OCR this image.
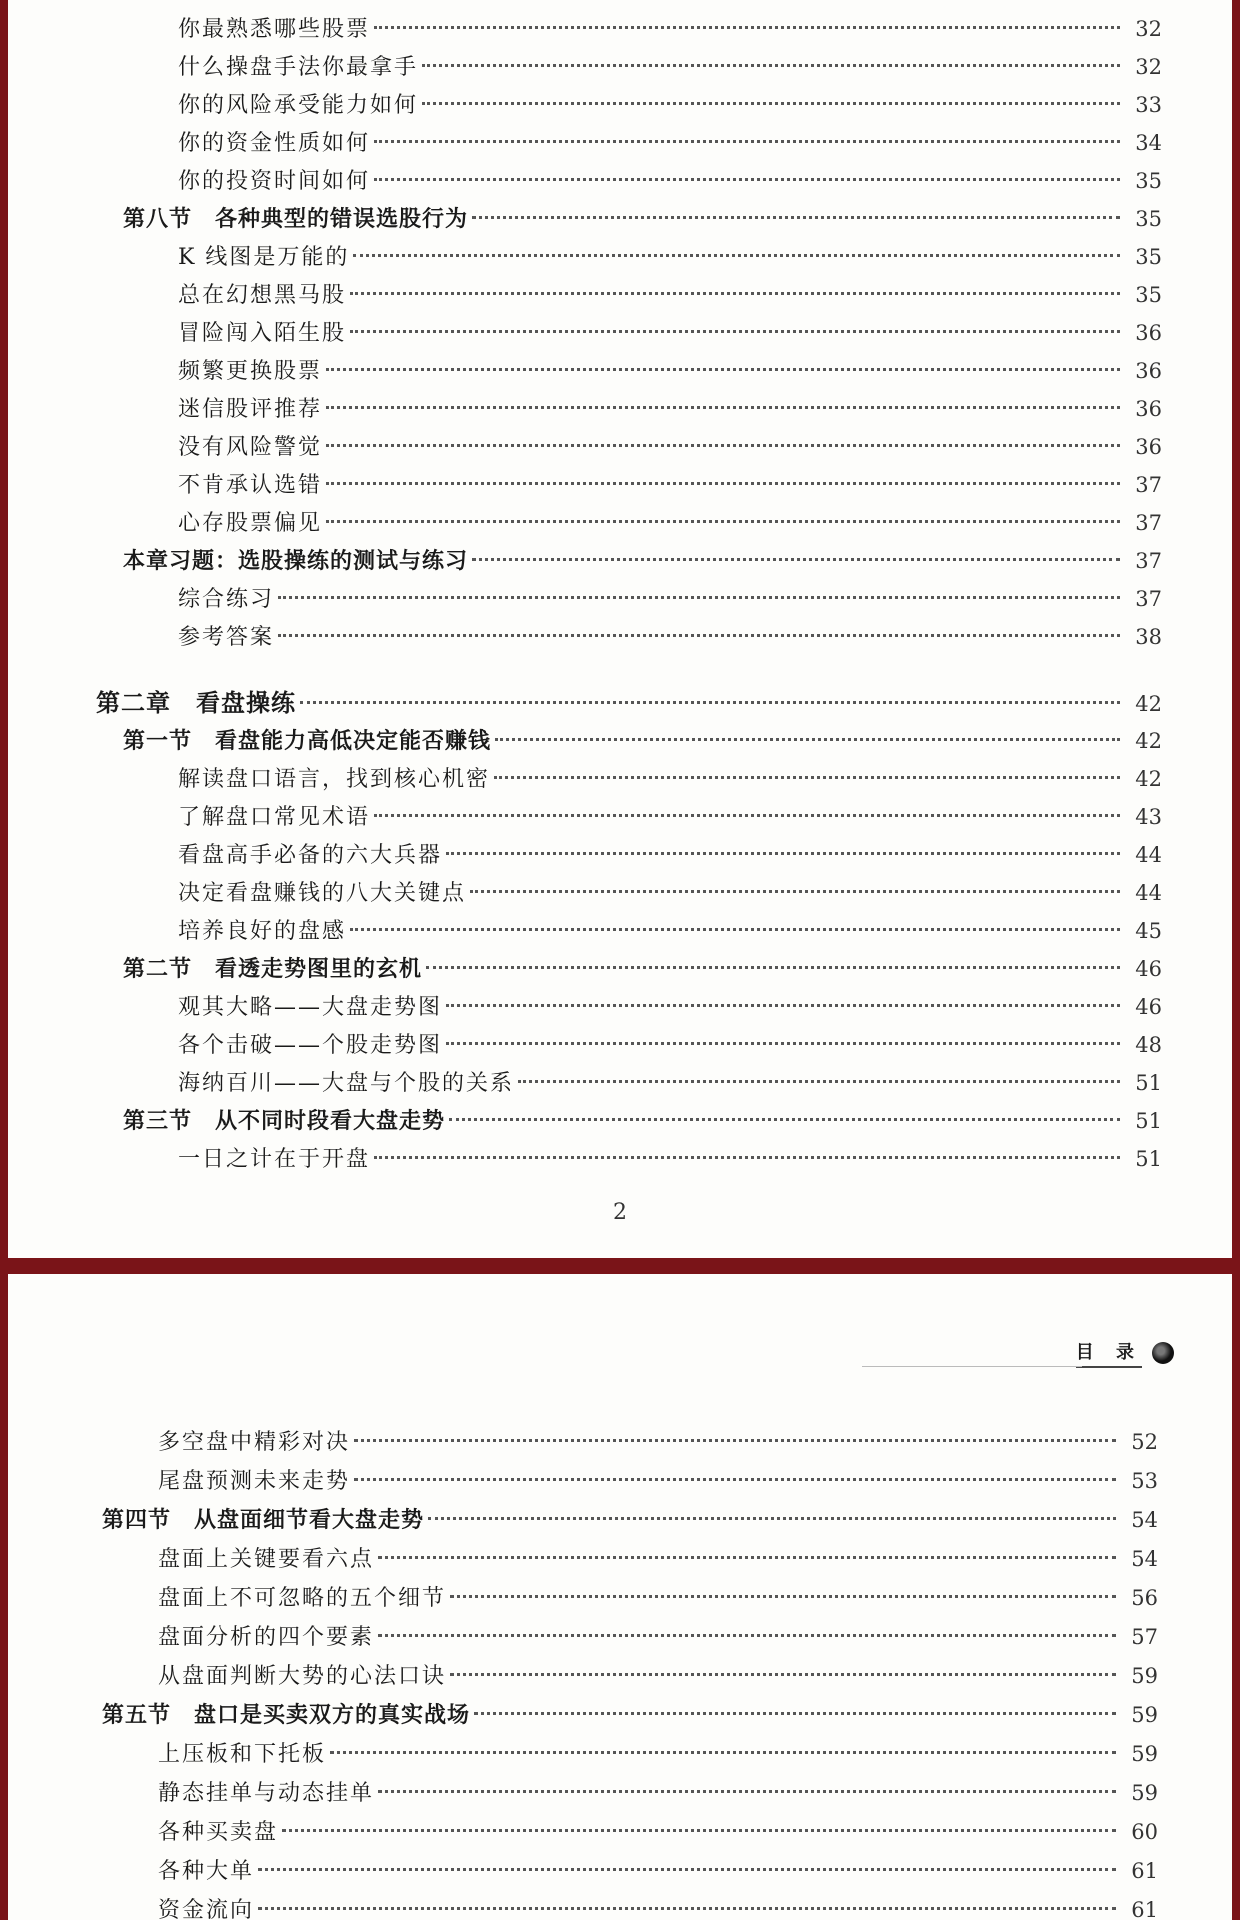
你最熟悉哪些股票	32
什么操盘手法你最拿手	32
你的风险承受能力如何	33
你的资金性质如何	34
你的投资时间如何	35
第八节　各种典型的错误选股行为	35
K 线图是万能的	35
总在幻想黑马股	35
冒险闯入陌生股	36
频繁更换股票	36
迷信股评推荐	36
没有风险警觉	36
不肯承认选错	37
心存股票偏见	37
本章习题：选股操练的测试与练习	37
综合练习	37
参考答案	38
第二章　看盘操练	42
第一节　看盘能力高低决定能否赚钱	42
解读盘口语言，找到核心机密	42
了解盘口常见术语	43
看盘高手必备的六大兵器	44
决定看盘赚钱的八大关键点	44
培养良好的盘感	45
第二节　看透走势图里的玄机	46
观其大略——大盘走势图	46
各个击破——个股走势图	48
海纳百川——大盘与个股的关系	51
第三节　从不同时段看大盘走势	51
一日之计在于开盘	51
2
目 录
多空盘中精彩对决	52
尾盘预测未来走势	53
第四节　从盘面细节看大盘走势	54
盘面上关键要看六点	54
盘面上不可忽略的五个细节	56
盘面分析的四个要素	57
从盘面判断大势的心法口诀	59
第五节　盘口是买卖双方的真实战场	59
上压板和下托板	59
静态挂单与动态挂单	59
各种买卖盘	60
各种大单	61
资金流向	61
